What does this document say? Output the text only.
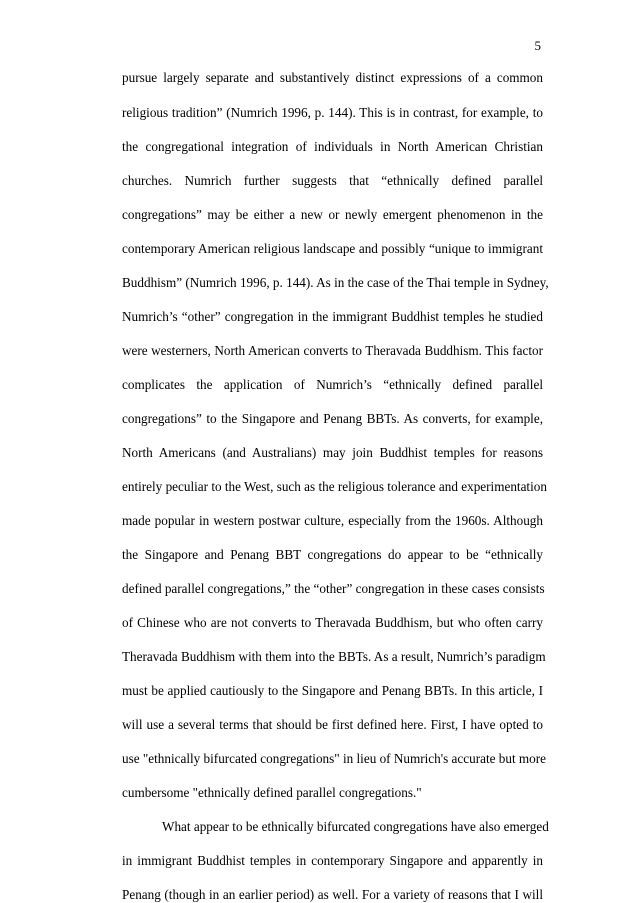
5
pursue largely separate and substantively distinct expressions of a common
religious tradition” (Numrich 1996, p. 144). This is in contrast, for example, to
the congregational integration of individuals in North American Christian
churches. Numrich further suggests that “ethnically defined parallel
congregations” may be either a new or newly emergent phenomenon in the
contemporary American religious landscape and possibly “unique to immigrant
Buddhism” (Numrich 1996, p. 144). As in the case of the Thai temple in Sydney,
Numrich’s “other” congregation in the immigrant Buddhist temples he studied
were westerners, North American converts to Theravada Buddhism. This factor
complicates the application of Numrich’s “ethnically defined parallel
congregations” to the Singapore and Penang BBTs. As converts, for example,
North Americans (and Australians) may join Buddhist temples for reasons
entirely peculiar to the West, such as the religious tolerance and experimentation
made popular in western postwar culture, especially from the 1960s. Although
the Singapore and Penang BBT congregations do appear to be “ethnically
defined parallel congregations,” the “other” congregation in these cases consists
of Chinese who are not converts to Theravada Buddhism, but who often carry
Theravada Buddhism with them into the BBTs. As a result, Numrich’s paradigm
must be applied cautiously to the Singapore and Penang BBTs. In this article, I
will use a several terms that should be first defined here. First, I have opted to
use "ethnically bifurcated congregations" in lieu of Numrich's accurate but more
cumbersome "ethnically defined parallel congregations."
What appear to be ethnically bifurcated congregations have also emerged
in immigrant Buddhist temples in contemporary Singapore and apparently in
Penang (though in an earlier period) as well. For a variety of reasons that I will
